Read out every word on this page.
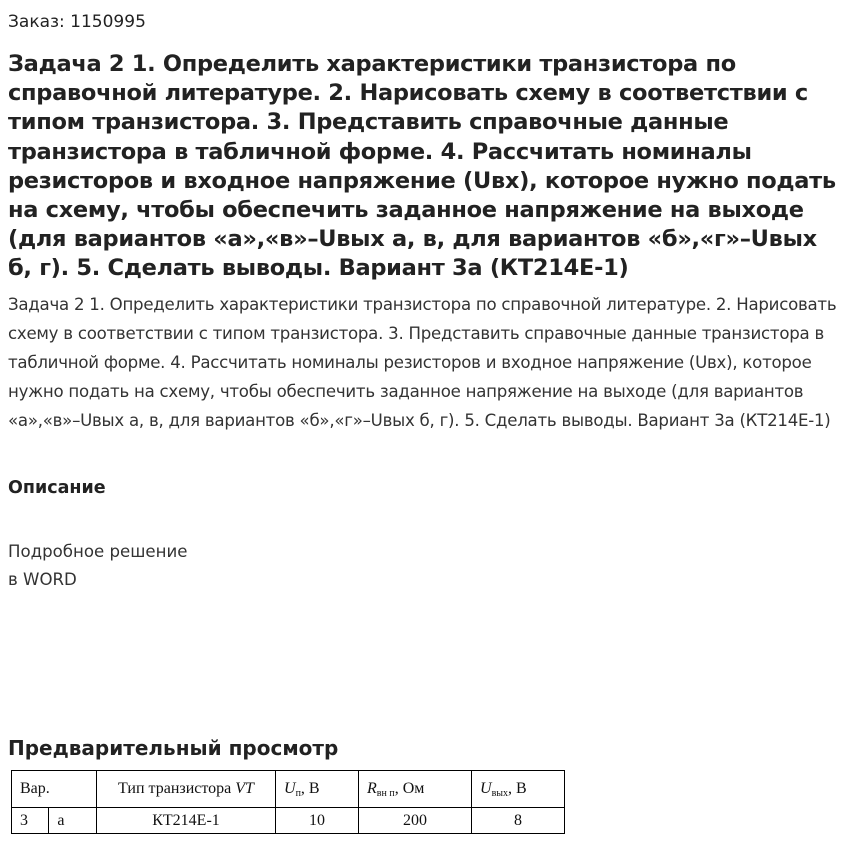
Заказ: 1150995
Задача 2 1. Определить характеристики транзистора по справочной литературе. 2. Нарисовать схему в соответствии с типом транзистора. 3. Представить справочные данные транзистора в табличной форме. 4. Рассчитать номиналы резисторов и входное напряжение (Uвх), которое нужно подать на схему, чтобы обеспечить заданное напряжение на выходе (для вариантов «а»,«в»–Uвых а, в, для вариантов «б»,«г»–Uвых б, г). 5. Сделать выводы. Вариант 3а (КТ214Е-1)

Задача 2 1. Определить характеристики транзистора по справочной литературе. 2. Нарисовать схему в соответствии с типом транзистора. 3. Представить справочные данные транзистора в табличной форме. 4. Рассчитать номиналы резисторов и входное напряжение (Uвх), которое нужно подать на схему, чтобы обеспечить заданное напряжение на выходе (для вариантов «а»,«в»–Uвых а, в, для вариантов «б»,«г»–Uвых б, г). 5. Сделать выводы. Вариант 3а (КТ214Е-1)

Описание
Подробное решение
в WORD
Предварительный просмотр
Вар.		Тип транзистора VT	$U_п$, В	$R_{вн п}$, Ом	$U_{вых}$, В
3	а	КТ214Е-1	10	200	8
